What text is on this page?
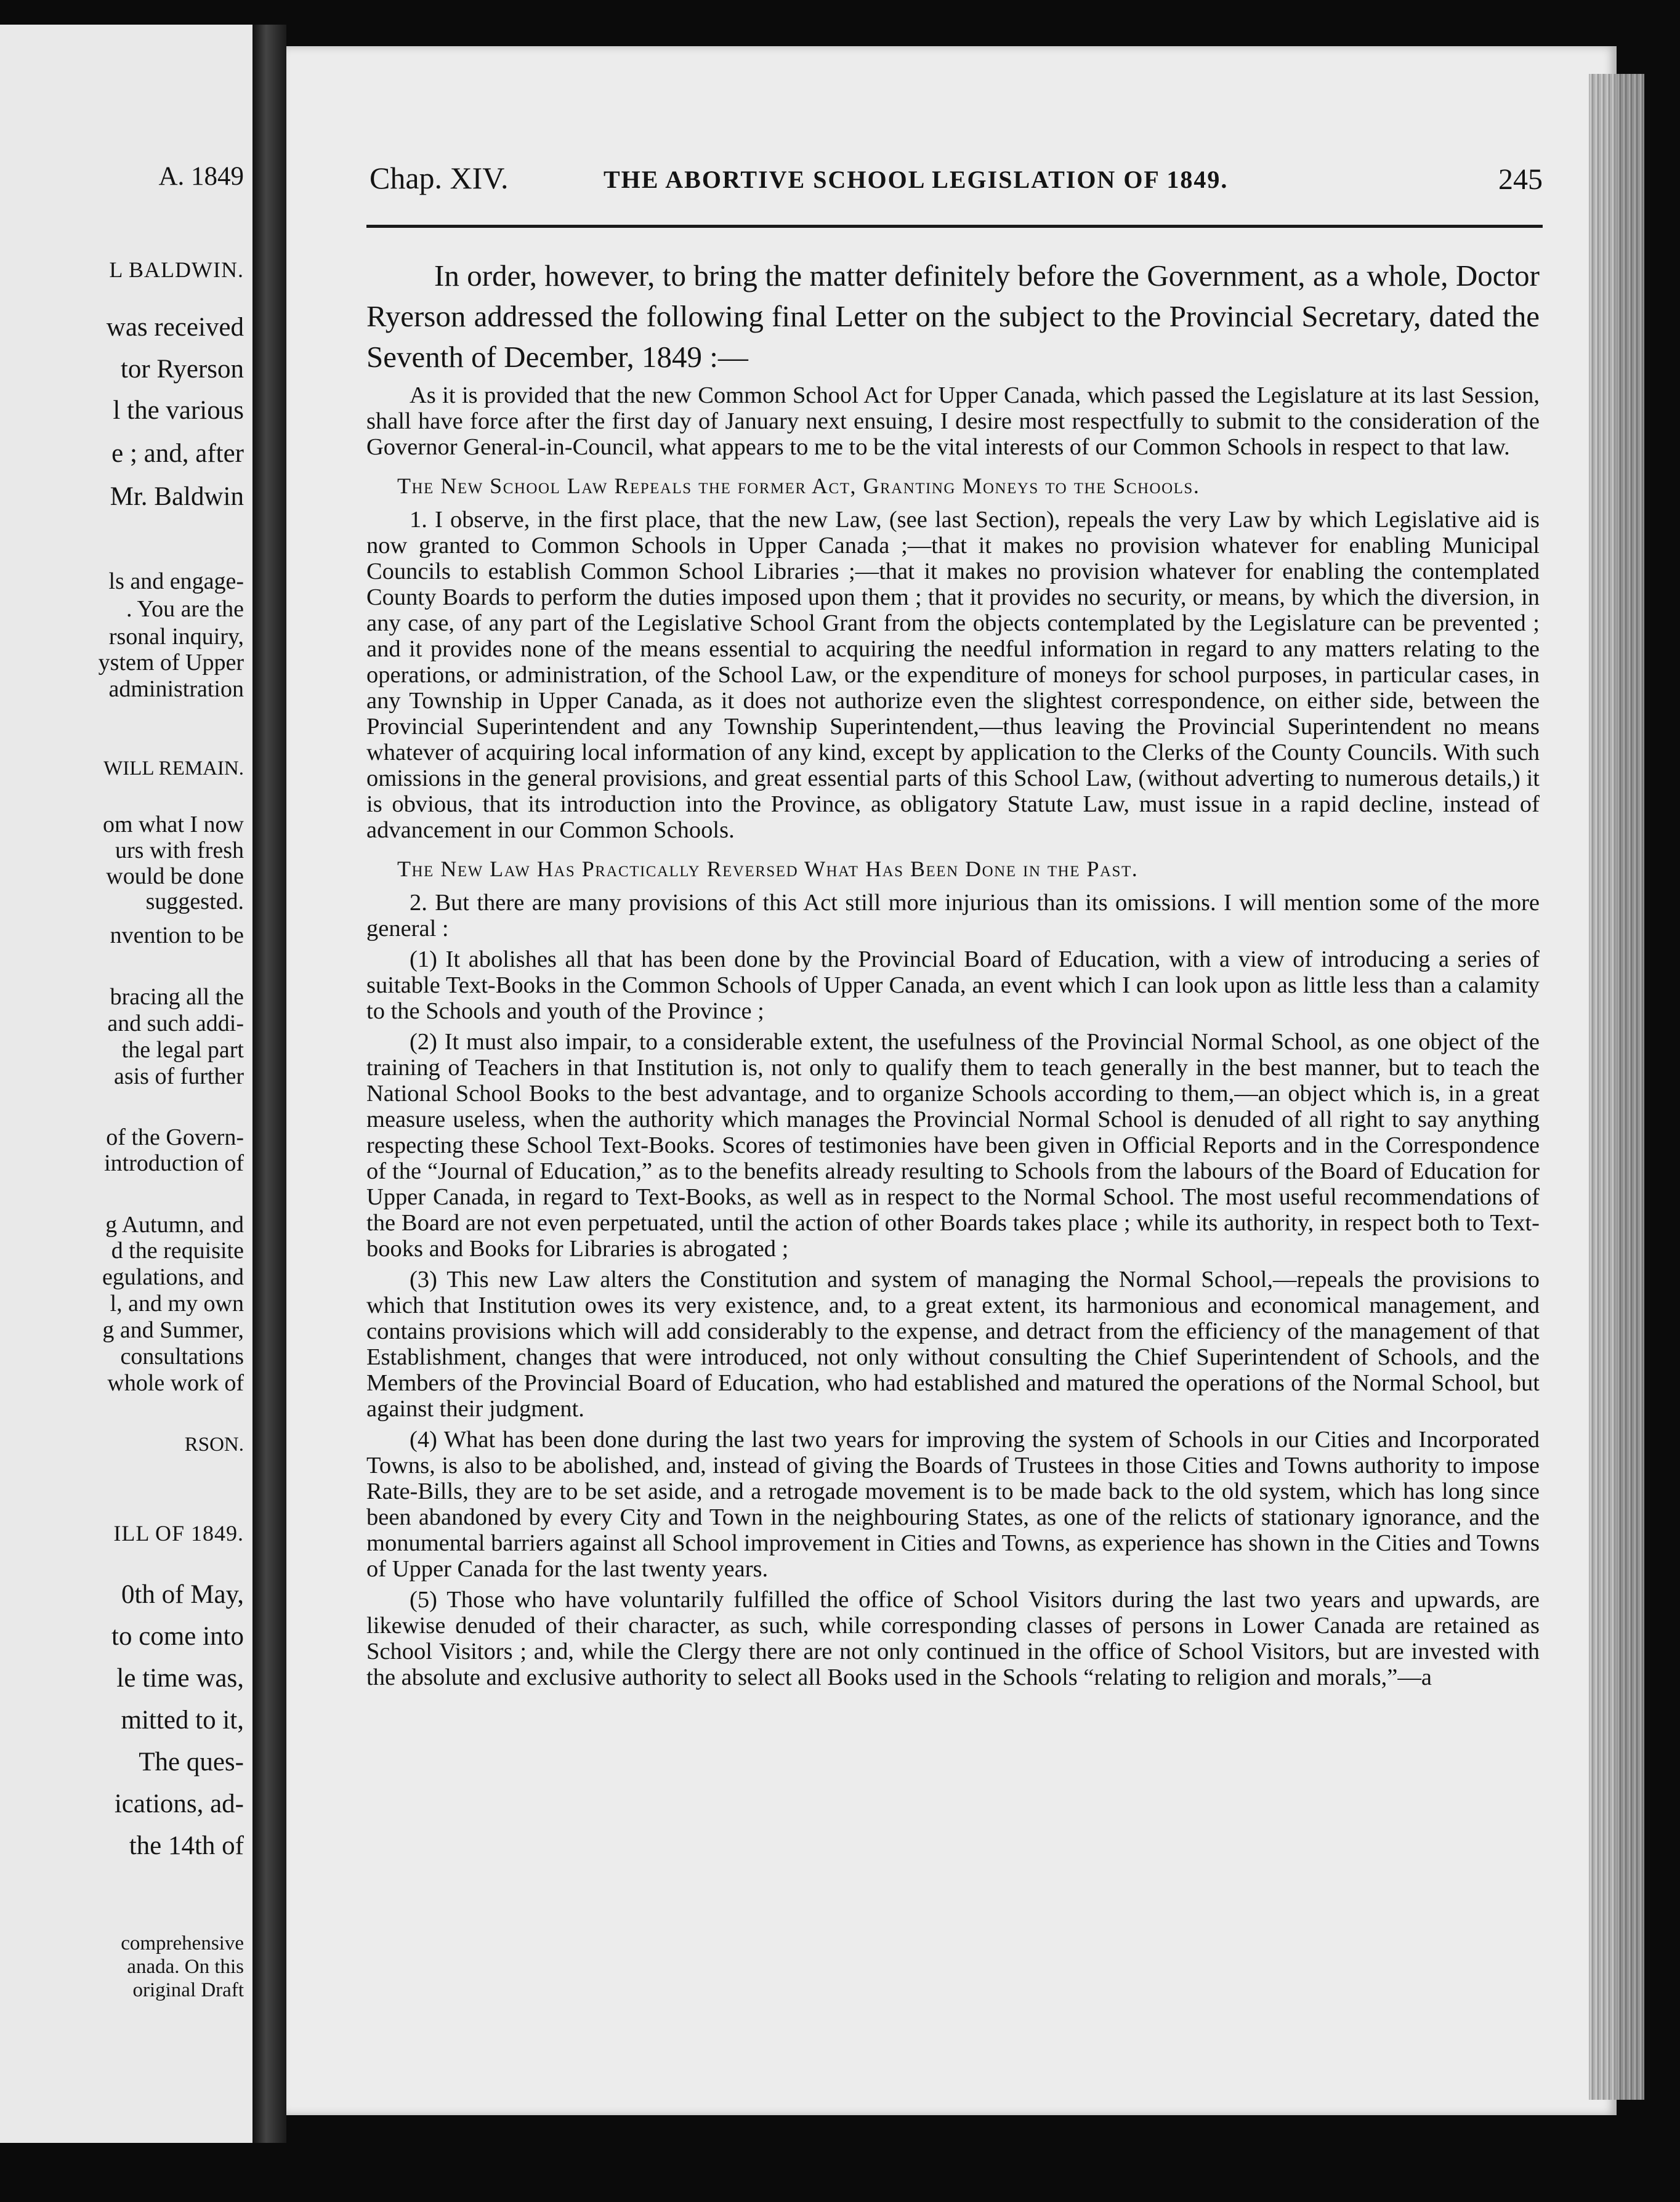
A. 1849
L BALDWIN.
was received
tor Ryerson
l the various
e ; and, after
Mr. Baldwin
ls and engage-
. You are the
rsonal inquiry,
ystem of Upper
administration
WILL REMAIN.
om what I now
urs with fresh
would be done
suggested.
nvention to be
bracing all the
and such addi-
the legal part
asis of further
of the Govern-
introduction of
g Autumn, and
d the requisite
egulations, and
l, and my own
g and Summer,
consultations
whole work of
RSON.
ILL OF 1849.
0th of May,
to come into
le time was,
mitted to it,
The ques-
ications, ad-
the 14th of
comprehensive
anada. On this
original Draft
Chap. XIV.	THE ABORTIVE SCHOOL LEGISLATION OF 1849.	245

In order, however, to bring the matter definitely before the Government, as a whole, Doctor Ryerson addressed the following final Letter on the subject to the Provincial Secretary, dated the Seventh of December, 1849 :—

As it is provided that the new Common School Act for Upper Canada, which passed the Legislature at its last Session, shall have force after the first day of January next ensuing, I desire most respectfully to submit to the consideration of the Governor General-in-Council, what appears to me to be the vital interests of our Common Schools in respect to that law.

The New School Law Repeals the former Act, Granting Moneys to the Schools.

1. I observe, in the first place, that the new Law, (see last Section), repeals the very Law by which Legislative aid is now granted to Common Schools in Upper Canada ;—that it makes no provision whatever for enabling Municipal Councils to establish Common School Libraries ;—that it makes no provision whatever for enabling the contemplated County Boards to perform the duties imposed upon them ; that it provides no security, or means, by which the diversion, in any case, of any part of the Legislative School Grant from the objects contemplated by the Legislature can be prevented ; and it provides none of the means essential to acquiring the needful information in regard to any matters relating to the operations, or administration, of the School Law, or the expenditure of moneys for school purposes, in particular cases, in any Township in Upper Canada, as it does not authorize even the slightest correspondence, on either side, between the Provincial Superintendent and any Township Superintendent,—thus leaving the Provincial Superintendent no means whatever of acquiring local information of any kind, except by application to the Clerks of the County Councils. With such omissions in the general provisions, and great essential parts of this School Law, (without adverting to numerous details,) it is obvious, that its introduction into the Province, as obligatory Statute Law, must issue in a rapid decline, instead of advancement in our Common Schools.

The New Law Has Practically Reversed What Has Been Done in the Past.

2. But there are many provisions of this Act still more injurious than its omissions. I will mention some of the more general :

(1) It abolishes all that has been done by the Provincial Board of Education, with a view of introducing a series of suitable Text-Books in the Common Schools of Upper Canada, an event which I can look upon as little less than a calamity to the Schools and youth of the Province ;

(2) It must also impair, to a considerable extent, the usefulness of the Provincial Normal School, as one object of the training of Teachers in that Institution is, not only to qualify them to teach generally in the best manner, but to teach the National School Books to the best advantage, and to organize Schools according to them,—an object which is, in a great measure useless, when the authority which manages the Provincial Normal School is denuded of all right to say anything respecting these School Text-Books. Scores of testimonies have been given in Official Reports and in the Correspondence of the “Journal of Education,” as to the benefits already resulting to Schools from the labours of the Board of Education for Upper Canada, in regard to Text-Books, as well as in respect to the Normal School. The most useful recommendations of the Board are not even perpetuated, until the action of other Boards takes place ; while its authority, in respect both to Text-books and Books for Libraries is abrogated ;

(3) This new Law alters the Constitution and system of managing the Normal School,—repeals the provisions to which that Institution owes its very existence, and, to a great extent, its harmonious and economical management, and contains provisions which will add considerably to the expense, and detract from the efficiency of the management of that Establishment, changes that were introduced, not only without consulting the Chief Superintendent of Schools, and the Members of the Provincial Board of Education, who had established and matured the operations of the Normal School, but against their judgment.

(4) What has been done during the last two years for improving the system of Schools in our Cities and Incorporated Towns, is also to be abolished, and, instead of giving the Boards of Trustees in those Cities and Towns authority to impose Rate-Bills, they are to be set aside, and a retrogade movement is to be made back to the old system, which has long since been abandoned by every City and Town in the neighbouring States, as one of the relicts of stationary ignorance, and the monumental barriers against all School improvement in Cities and Towns, as experience has shown in the Cities and Towns of Upper Canada for the last twenty years.

(5) Those who have voluntarily fulfilled the office of School Visitors during the last two years and upwards, are likewise denuded of their character, as such, while corresponding classes of persons in Lower Canada are retained as School Visitors ; and, while the Clergy there are not only continued in the office of School Visitors, but are invested with the absolute and exclusive authority to select all Books used in the Schools “relating to religion and morals,”—a
